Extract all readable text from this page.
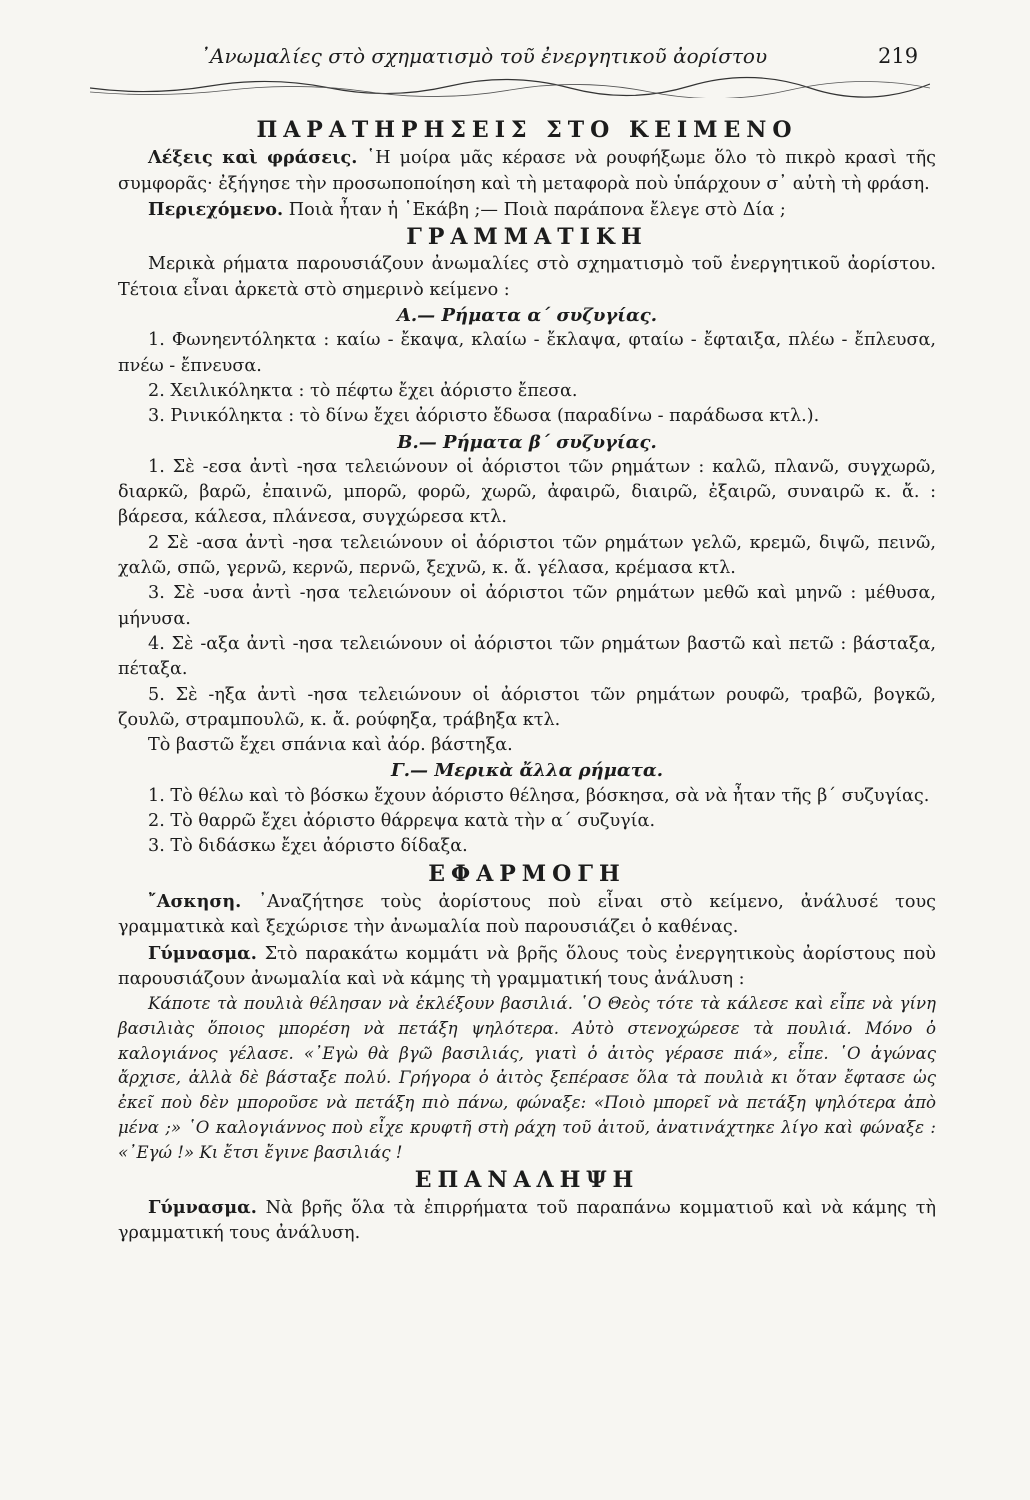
᾿Ανωμαλίες στὸ σχηματισμὸ τοῦ ἐνεργητικοῦ ἀορίστου	219
ΠΑΡΑΤΗΡΗΣΕΙΣ ΣΤΟ ΚΕΙΜΕΝΟ

Λέξεις καὶ φράσεις. ῾Η μοίρα μᾶς κέρασε νὰ ρουφήξωμε ὅλο τὸ πικρὸ κρασὶ τῆς συμφορᾶς· ἐξήγησε τὴν προσωποποίηση καὶ τὴ μεταφορὰ ποὺ ὑπάρχουν σ᾿ αὐτὴ τὴ φράση.

Περιεχόμενο. Ποιὰ ἦταν ἡ ῾Εκάβη ;— Ποιὰ παράπονα ἔλεγε στὸ Δία ;

ΓΡΑΜΜΑΤΙΚΗ

Μερικὰ ρήματα παρουσιάζουν ἀνωμαλίες στὸ σχηματισμὸ τοῦ ἐνεργητικοῦ ἀορίστου. Τέτοια εἶναι ἀρκετὰ στὸ σημερινὸ κείμενο :

Α.— Ρήματα α΄ συζυγίας.

1. Φωνηεντόληκτα : καίω - ἔκαψα, κλαίω - ἔκλαψα, φταίω - ἔφταιξα, πλέω - ἔπλευσα, πνέω - ἔπνευσα.

2. Χειλικόληκτα : τὸ πέφτω ἔχει ἀόριστο ἔπεσα.

3. Ρινικόληκτα : τὸ δίνω ἔχει ἀόριστο ἔδωσα (παραδίνω - παράδωσα κτλ.).

Β.— Ρήματα β΄ συζυγίας.

1. Σὲ -εσα ἀντὶ -ησα τελειώνουν οἱ ἀόριστοι τῶν ρημάτων : καλῶ, πλανῶ, συγχωρῶ, διαρκῶ, βαρῶ, ἐπαινῶ, μπορῶ, φορῶ, χωρῶ, ἀφαιρῶ, διαιρῶ, ἐξαιρῶ, συναιρῶ κ. ἄ. : βάρεσα, κάλεσα, πλάνεσα, συγχώρεσα κτλ.

2 Σὲ -ασα ἀντὶ -ησα τελειώνουν οἱ ἀόριστοι τῶν ρημάτων γελῶ, κρεμῶ, διψῶ, πεινῶ, χαλῶ, σπῶ, γερνῶ, κερνῶ, περνῶ, ξεχνῶ, κ. ἄ. γέλασα, κρέμασα κτλ.

3. Σὲ -υσα ἀντὶ -ησα τελειώνουν οἱ ἀόριστοι τῶν ρημάτων μεθῶ καὶ μηνῶ : μέθυσα, μήνυσα.

4. Σὲ -αξα ἀντὶ -ησα τελειώνουν οἱ ἀόριστοι τῶν ρημάτων βαστῶ καὶ πετῶ : βάσταξα, πέταξα.

5. Σὲ -ηξα ἀντὶ -ησα τελειώνουν οἱ ἀόριστοι τῶν ρημάτων ρουφῶ, τραβῶ, βογκῶ, ζουλῶ, στραμπουλῶ, κ. ἄ. ρούφηξα, τράβηξα κτλ.

Τὸ βαστῶ ἔχει σπάνια καὶ ἀόρ. βάστηξα.

Γ.— Μερικὰ ἄλλα ρήματα.

1. Τὸ θέλω καὶ τὸ βόσκω ἔχουν ἀόριστο θέλησα, βόσκησα, σὰ νὰ ἦταν τῆς β΄ συζυγίας.

2. Τὸ θαρρῶ ἔχει ἀόριστο θάρρεψα κατὰ τὴν α΄ συζυγία.

3. Τὸ διδάσκω ἔχει ἀόριστο δίδαξα.

ΕΦΑΡΜΟΓΗ

῎Ασκηση. ᾿Αναζήτησε τοὺς ἀορίστους ποὺ εἶναι στὸ κείμενο, ἀνάλυσέ τους γραμματικὰ καὶ ξεχώρισε τὴν ἀνωμαλία ποὺ παρουσιάζει ὁ καθένας.

Γύμνασμα. Στὸ παρακάτω κομμάτι νὰ βρῆς ὅλους τοὺς ἐνεργητικοὺς ἀορίστους ποὺ παρουσιάζουν ἀνωμαλία καὶ νὰ κάμης τὴ γραμματική τους ἀνάλυση :

Κάποτε τὰ πουλιὰ θέλησαν νὰ ἐκλέξουν βασιλιά. ῾Ο Θεὸς τότε τὰ κάλεσε καὶ εἶπε νὰ γίνη βασιλιὰς ὅποιος μπορέση νὰ πετάξη ψηλότερα. Αὐτὸ στενοχώρεσε τὰ πουλιά. Μόνο ὁ καλογιάνος γέλασε. «᾿Εγὼ θὰ βγῶ βασιλιάς, γιατὶ ὁ ἀιτὸς γέρασε πιά», εἶπε. ῾Ο ἀγώνας ἄρχισε, ἀλλὰ δὲ βάσταξε πολύ. Γρήγορα ὁ ἀιτὸς ξεπέρασε ὅλα τὰ πουλιὰ κι ὅταν ἔφτασε ὡς ἐκεῖ ποὺ δὲν μποροῦσε νὰ πετάξη πιὸ πάνω, φώναξε: «Ποιὸ μπορεῖ νὰ πετάξη ψηλότερα ἀπὸ μένα ;» ῾Ο καλογιάννος ποὺ εἶχε κρυφτῆ στὴ ράχη τοῦ ἀιτοῦ, ἀνατινάχτηκε λίγο καὶ φώναξε : «᾿Εγώ !» Κι ἔτσι ἔγινε βασιλιάς !

ΕΠΑΝΑΛΗΨΗ

Γύμνασμα. Νὰ βρῆς ὅλα τὰ ἐπιρρήματα τοῦ παραπάνω κομματιοῦ καὶ νὰ κάμης τὴ γραμματική τους ἀνάλυση.
